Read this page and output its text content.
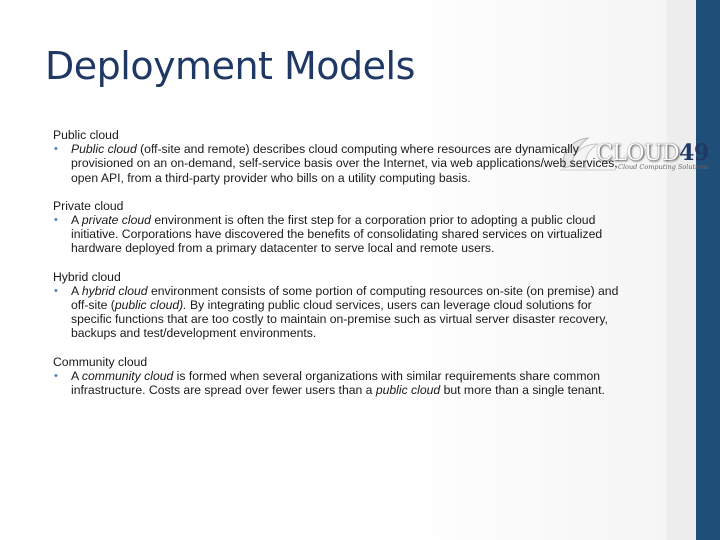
Deployment Models
CLOUD49
Cloud Computing Solutions

Public cloud

• Public cloud (off-site and remote) describes cloud computing where resources are dynamically provisioned on an on-demand, self-service basis over the Internet, via web applications/web services, open API, from a third-party provider who bills on a utility computing basis.

Private cloud

• A private cloud environment is often the first step for a corporation prior to adopting a public cloud initiative. Corporations have discovered the benefits of consolidating shared services on virtualized hardware deployed from a primary datacenter to serve local and remote users.

Hybrid cloud

• A hybrid cloud environment consists of some portion of computing resources on-site (on premise) and off-site (public cloud). By integrating public cloud services, users can leverage cloud solutions for specific functions that are too costly to maintain on-premise such as virtual server disaster recovery, backups and test/development environments.

Community cloud

• A community cloud is formed when several organizations with similar requirements share common infrastructure. Costs are spread over fewer users than a public cloud but more than a single tenant.
